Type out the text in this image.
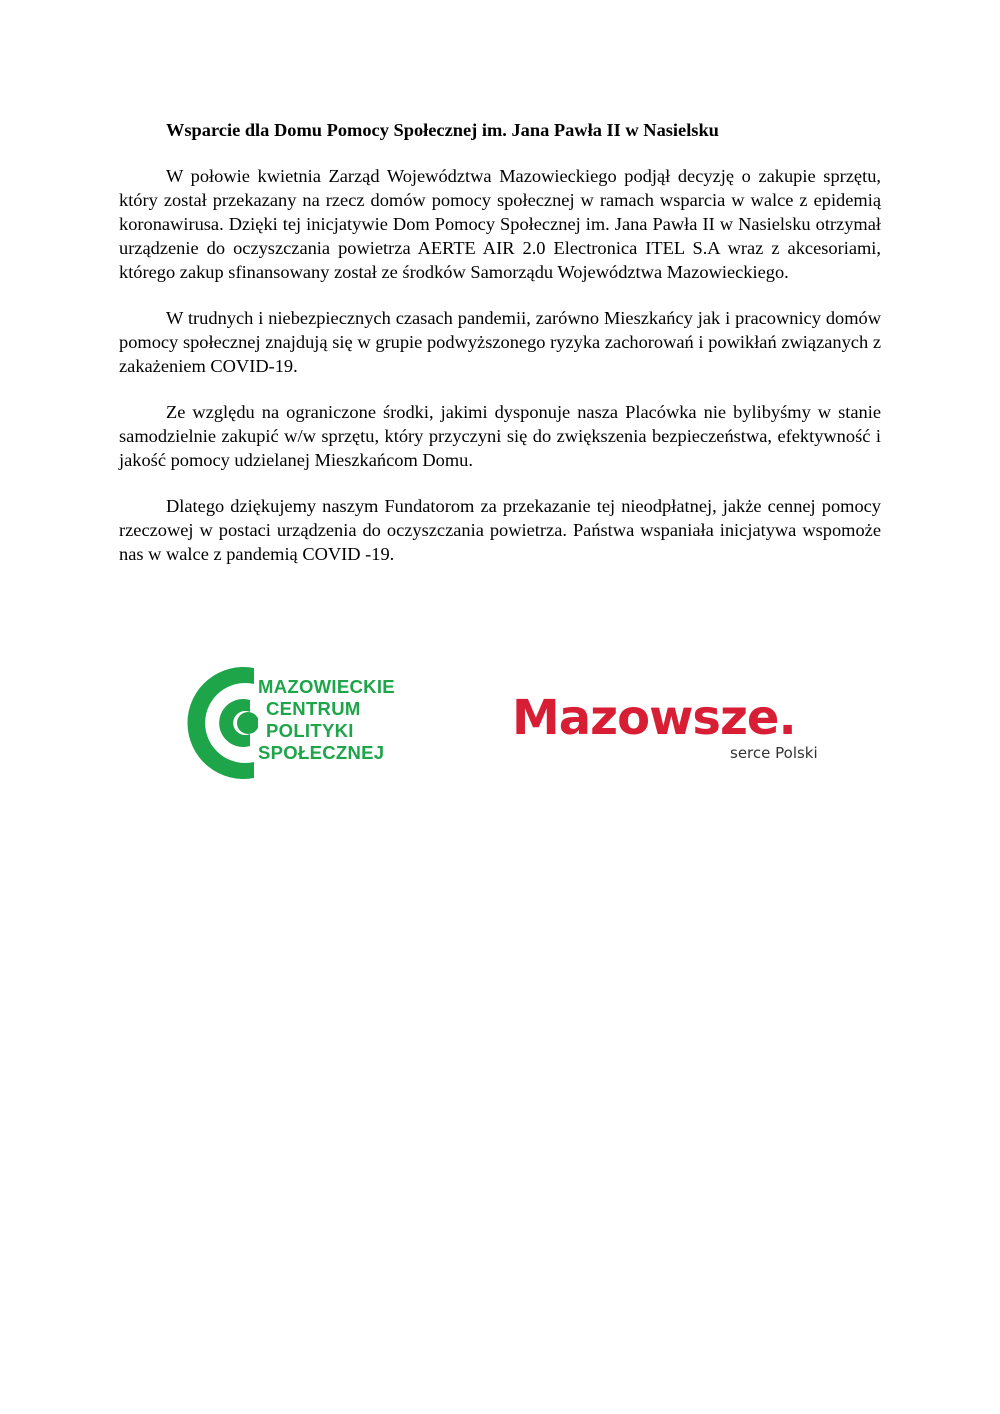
Wsparcie dla Domu Pomocy Społecznej im. Jana Pawła II w Nasielsku

W połowie kwietnia Zarząd Województwa Mazowieckiego podjął decyzję o zakupie sprzętu, który został przekazany na rzecz domów pomocy społecznej w ramach wsparcia w walce z epidemią koronawirusa. Dzięki tej inicjatywie Dom Pomocy Społecznej im. Jana Pawła II w Nasielsku otrzymał urządzenie do oczyszczania powietrza AERTE AIR 2.0 Electronica ITEL S.A wraz z akcesoriami, którego zakup sfinansowany został ze środków Samorządu Województwa Mazowieckiego.

W trudnych i niebezpiecznych czasach pandemii, zarówno Mieszkańcy jak i pracownicy domów pomocy społecznej znajdują się w grupie podwyższonego ryzyka zachorowań i powikłań związanych z zakażeniem COVID-19.

Ze względu na ograniczone środki, jakimi dysponuje nasza Placówka nie bylibyśmy w stanie samodzielnie zakupić w/w sprzętu, który przyczyni się do zwiększenia bezpieczeństwa, efektywność i jakość pomocy udzielanej Mieszkańcom Domu.

Dlatego dziękujemy naszym Fundatorom za przekazanie tej nieodpłatnej, jakże cennej pomocy rzeczowej w postaci urządzenia do oczyszczania powietrza. Państwa wspaniała inicjatywa wspomoże nas w walce z pandemią COVID -19.

MAZOWIECKIE
CENTRUM
POLITYKI
SPOŁECZNEJ
Mazowsze.
serce Polski
